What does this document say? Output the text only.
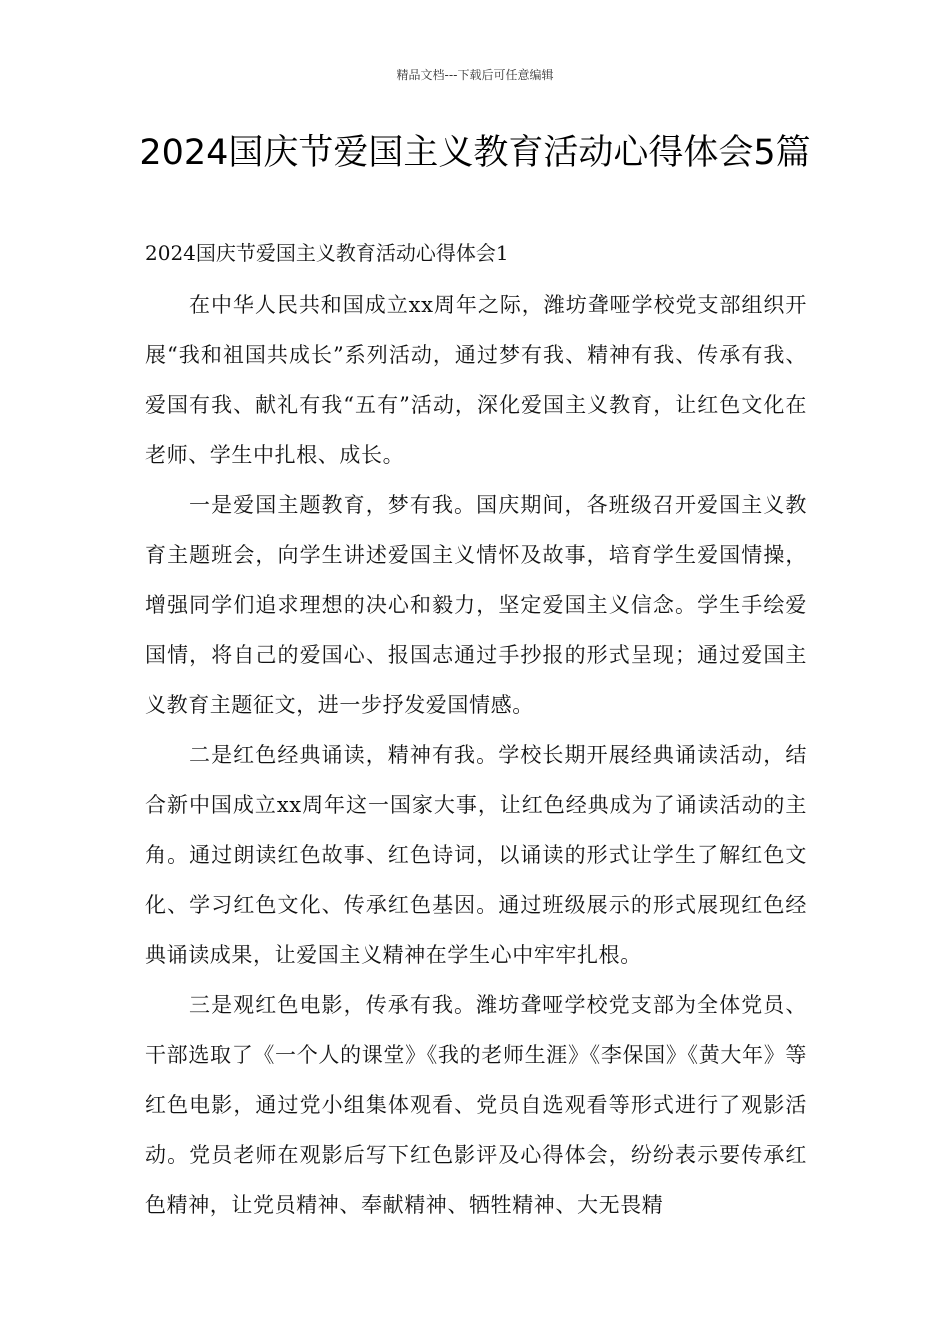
精品文档---下载后可任意编辑
2024国庆节爱国主义教育活动心得体会5篇
2024国庆节爱国主义教育活动心得体会1

在中华人民共和国成立xx周年之际，潍坊聋哑学校党支部组织开展“我和祖国共成长”系列活动，通过梦有我、精神有我、传承有我、爱国有我、献礼有我“五有”活动，深化爱国主义教育，让红色文化在老师、学生中扎根、成长。

一是爱国主题教育，梦有我。国庆期间，各班级召开爱国主义教育主题班会，向学生讲述爱国主义情怀及故事，培育学生爱国情操，增强同学们追求理想的决心和毅力，坚定爱国主义信念。学生手绘爱国情，将自己的爱国心、报国志通过手抄报的形式呈现；通过爱国主义教育主题征文，进一步抒发爱国情感。

二是红色经典诵读，精神有我。学校长期开展经典诵读活动，结合新中国成立xx周年这一国家大事，让红色经典成为了诵读活动的主角。通过朗读红色故事、红色诗词，以诵读的形式让学生了解红色文化、学习红色文化、传承红色基因。通过班级展示的形式展现红色经典诵读成果，让爱国主义精神在学生心中牢牢扎根。

三是观红色电影，传承有我。潍坊聋哑学校党支部为全体党员、干部选取了《一个人的课堂》《我的老师生涯》《李保国》《黄大年》等红色电影，通过党小组集体观看、党员自选观看等形式进行了观影活动。党员老师在观影后写下红色影评及心得体会，纷纷表示要传承红色精神，让党员精神、奉献精神、牺牲精神、大无畏精
